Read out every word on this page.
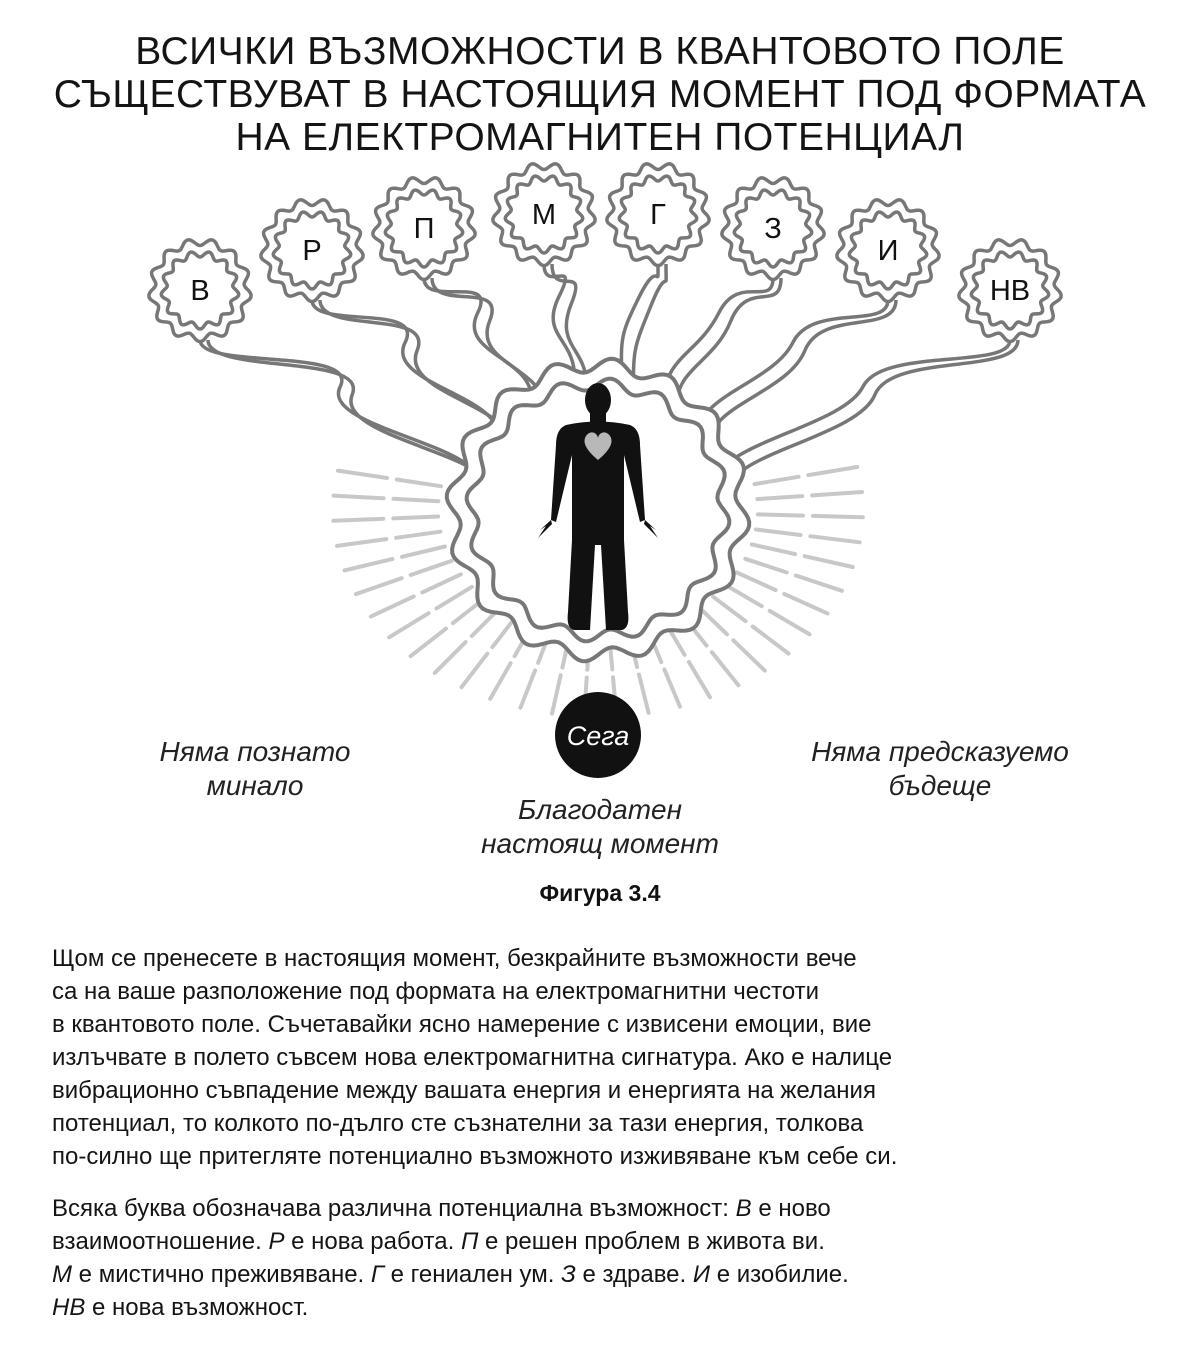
ВСИЧКИ ВЪЗМОЖНОСТИ В КВАНТОВОТО ПОЛЕ
СЪЩЕСТВУВАТ В НАСТОЯЩИЯ МОМЕНТ ПОД ФОРМАТА
НА ЕЛЕКТРОМАГНИТЕН ПОТЕНЦИАЛ
В
Р
П	М	Г	З
И
НВ
Сега
Няма познато
минало
Благодатен
настоящ момент
Няма предсказуемо
бъдеще
Фигура 3.4
Щом се пренесете в настоящия момент, безкрайните възможности вече
са на ваше разположение под формата на електромагнитни честоти
в квантовото поле. Съчетавайки ясно намерение с извисени емоции, вие
излъчвате в полето съвсем нова електромагнитна сигнатура. Ако е налице
вибрационно съвпадение между вашата енергия и енергията на желания
потенциал, то колкото по-дълго сте съзнателни за тази енергия, толкова
по-силно ще притегляте потенциално възможното изживяване към себе си.
Всяка буква обозначава различна потенциална възможност: В е ново
взаимоотношение. Р е нова работа. П е решен проблем в живота ви.
М е мистично преживяване. Г е гениален ум. З е здраве. И е изобилие.
НВ е нова възможност.
